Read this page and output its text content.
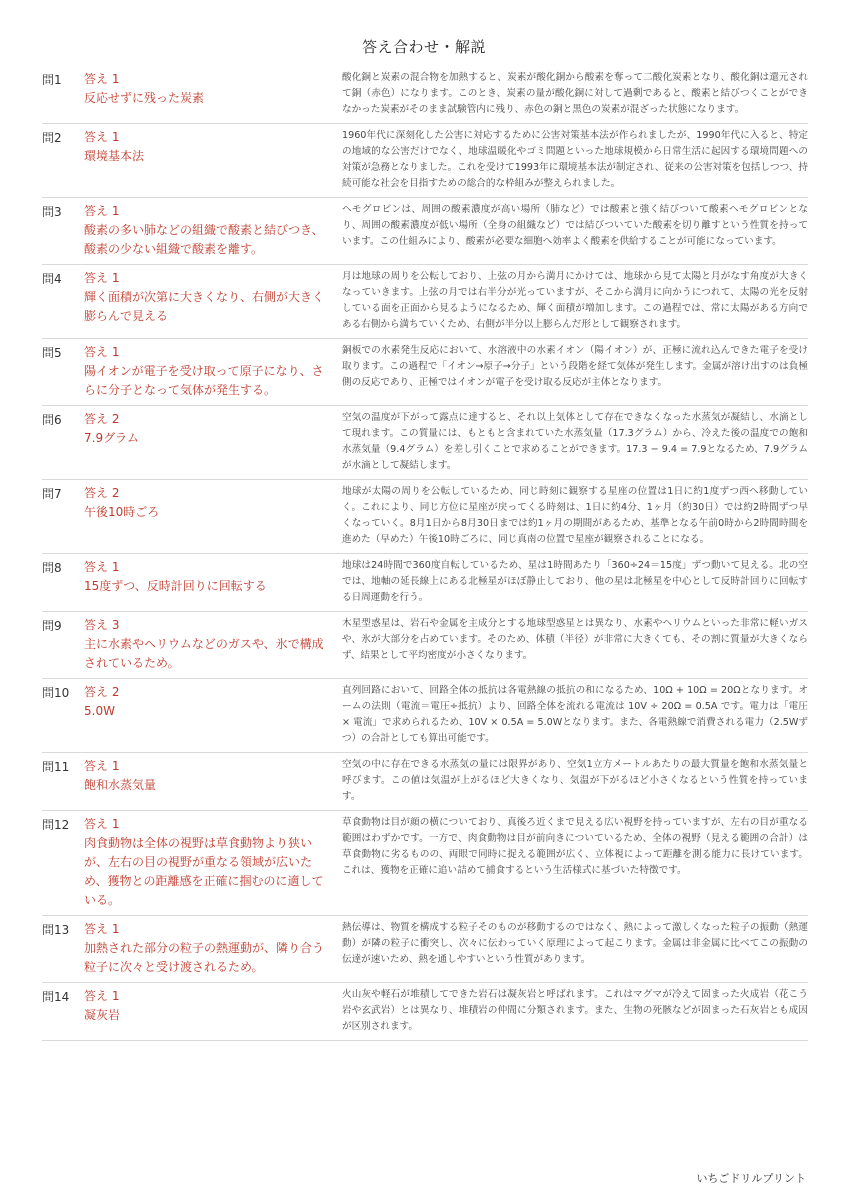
答え合わせ・解説
問1	答え 1
反応せずに残った炭素
酸化銅と炭素の混合物を加熱すると、炭素が酸化銅から酸素を奪って二酸化炭素となり、酸化銅は還元されて銅（赤色）になります。このとき、炭素の量が酸化銅に対して過剰であると、酸素と結びつくことができなかった炭素がそのまま試験管内に残り、赤色の銅と黒色の炭素が混ざった状態になります。
問2	答え 1
環境基本法
1960年代に深刻化した公害に対応するために公害対策基本法が作られましたが、1990年代に入ると、特定の地域的な公害だけでなく、地球温暖化やゴミ問題といった地球規模から日常生活に起因する環境問題への対策が急務となりました。これを受けて1993年に環境基本法が制定され、従来の公害対策を包括しつつ、持続可能な社会を目指すための総合的な枠組みが整えられました。
問3	答え 1
酸素の多い肺などの組織で酸素と結びつき、酸素の少ない組織で酸素を離す。
ヘモグロビンは、周囲の酸素濃度が高い場所（肺など）では酸素と強く結びついて酸素ヘモグロビンとなり、周囲の酸素濃度が低い場所（全身の組織など）では結びついていた酸素を切り離すという性質を持っています。この仕組みにより、酸素が必要な細胞へ効率よく酸素を供給することが可能になっています。
問4	答え 1
輝く面積が次第に大きくなり、右側が大きく膨らんで見える
月は地球の周りを公転しており、上弦の月から満月にかけては、地球から見て太陽と月がなす角度が大きくなっていきます。上弦の月では右半分が光っていますが、そこから満月に向かうにつれて、太陽の光を反射している面を正面から見るようになるため、輝く面積が増加します。この過程では、常に太陽がある方向である右側から満ちていくため、右側が半分以上膨らんだ形として観察されます。
問5	答え 1
陽イオンが電子を受け取って原子になり、さらに分子となって気体が発生する。
銅板での水素発生反応において、水溶液中の水素イオン（陽イオン）が、正極に流れ込んできた電子を受け取ります。この過程で「イオン→原子→分子」という段階を経て気体が発生します。金属が溶け出すのは負極側の反応であり、正極ではイオンが電子を受け取る反応が主体となります。
問6	答え 2
7.9グラム
空気の温度が下がって露点に達すると、それ以上気体として存在できなくなった水蒸気が凝結し、水滴として現れます。この質量には、もともと含まれていた水蒸気量（17.3グラム）から、冷えた後の温度での飽和水蒸気量（9.4グラム）を差し引くことで求めることができます。17.3 − 9.4 = 7.9となるため、7.9グラムが水滴として凝結します。
問7	答え 2
午後10時ごろ
地球が太陽の周りを公転しているため、同じ時刻に観察する星座の位置は1日に約1度ずつ西へ移動していく。これにより、同じ方位に星座が戻ってくる時刻は、1日に約4分、1ヶ月（約30日）では約2時間ずつ早くなっていく。8月1日から8月30日までは約1ヶ月の期間があるため、基準となる午前0時から2時間時間を進めた（早めた）午後10時ごろに、同じ真南の位置で星座が観察されることになる。
問8	答え 1
15度ずつ、反時計回りに回転する
地球は24時間で360度自転しているため、星は1時間あたり「360÷24＝15度」ずつ動いて見える。北の空では、地軸の延長線上にある北極星がほぼ静止しており、他の星は北極星を中心として反時計回りに回転する日周運動を行う。
問9	答え 3
主に水素やヘリウムなどのガスや、氷で構成されているため。
木星型惑星は、岩石や金属を主成分とする地球型惑星とは異なり、水素やヘリウムといった非常に軽いガスや、氷が大部分を占めています。そのため、体積（半径）が非常に大きくても、その割に質量が大きくならず、結果として平均密度が小さくなります。
問10	答え 2
5.0W
直列回路において、回路全体の抵抗は各電熱線の抵抗の和になるため、10Ω + 10Ω = 20Ωとなります。オームの法則（電流＝電圧÷抵抗）より、回路全体を流れる電流は 10V ÷ 20Ω = 0.5A です。電力は「電圧 × 電流」で求められるため、10V × 0.5A = 5.0Wとなります。また、各電熱線で消費される電力（2.5Wずつ）の合計としても算出可能です。
問11	答え 1
飽和水蒸気量
空気の中に存在できる水蒸気の量には限界があり、空気1立方メートルあたりの最大質量を飽和水蒸気量と呼びます。この値は気温が上がるほど大きくなり、気温が下がるほど小さくなるという性質を持っています。
問12	答え 1
肉食動物は全体の視野は草食動物より狭いが、左右の目の視野が重なる領域が広いため、獲物との距離感を正確に掴むのに適している。
草食動物は目が顔の横についており、真後ろ近くまで見える広い視野を持っていますが、左右の目が重なる範囲はわずかです。一方で、肉食動物は目が前向きについているため、全体の視野（見える範囲の合計）は草食動物に劣るものの、両眼で同時に捉える範囲が広く、立体視によって距離を測る能力に長けています。これは、獲物を正確に追い詰めて捕食するという生活様式に基づいた特徴です。
問13	答え 1
加熱された部分の粒子の熱運動が、隣り合う粒子に次々と受け渡されるため。
熱伝導は、物質を構成する粒子そのものが移動するのではなく、熱によって激しくなった粒子の振動（熱運動）が隣の粒子に衝突し、次々に伝わっていく原理によって起こります。金属は非金属に比べてこの振動の伝達が速いため、熱を通しやすいという性質があります。
問14	答え 1
凝灰岩
火山灰や軽石が堆積してできた岩石は凝灰岩と呼ばれます。これはマグマが冷えて固まった火成岩（花こう岩や玄武岩）とは異なり、堆積岩の仲間に分類されます。また、生物の死骸などが固まった石灰岩とも成因が区別されます。
いちごドリルプリント
